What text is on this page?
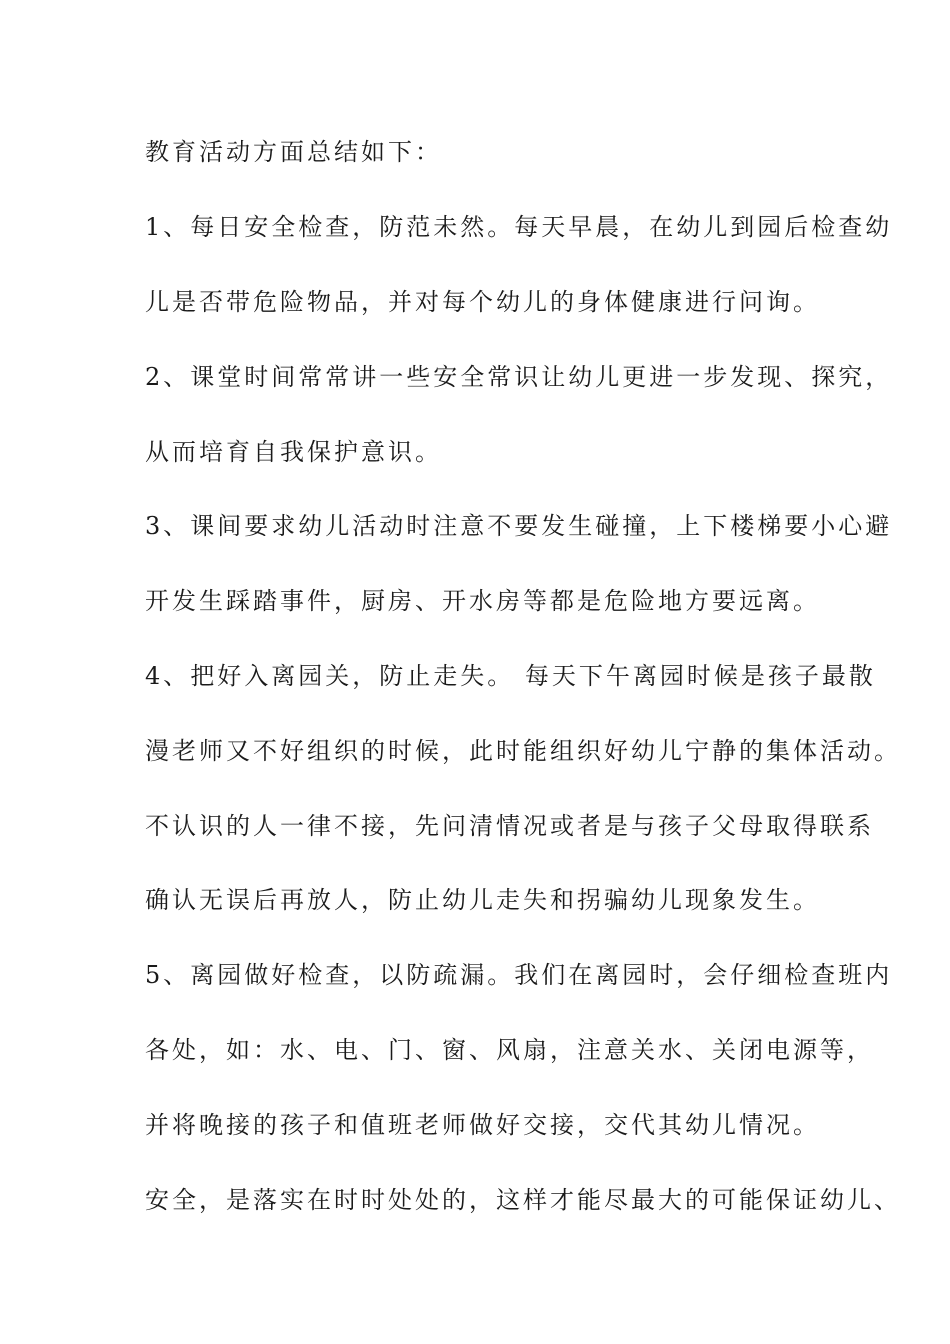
教育活动方面总结如下：
1、每日安全检查，防范未然。每天早晨，在幼儿到园后检查幼
儿是否带危险物品，并对每个幼儿的身体健康进行问询。
2、课堂时间常常讲一些安全常识让幼儿更进一步发现、探究，
从而培育自我保护意识。
3、课间要求幼儿活动时注意不要发生碰撞，上下楼梯要小心避
开发生踩踏事件，厨房、开水房等都是危险地方要远离。
4、把好入离园关，防止走失。 每天下午离园时候是孩子最散
漫老师又不好组织的时候，此时能组织好幼儿宁静的集体活动。
不认识的人一律不接，先问清情况或者是与孩子父母取得联系
确认无误后再放人，防止幼儿走失和拐骗幼儿现象发生。
5、离园做好检查，以防疏漏。我们在离园时，会仔细检查班内
各处，如：水、电、门、窗、风扇，注意关水、关闭电源等，
并将晚接的孩子和值班老师做好交接，交代其幼儿情况。
安全，是落实在时时处处的，这样才能尽最大的可能保证幼儿、
